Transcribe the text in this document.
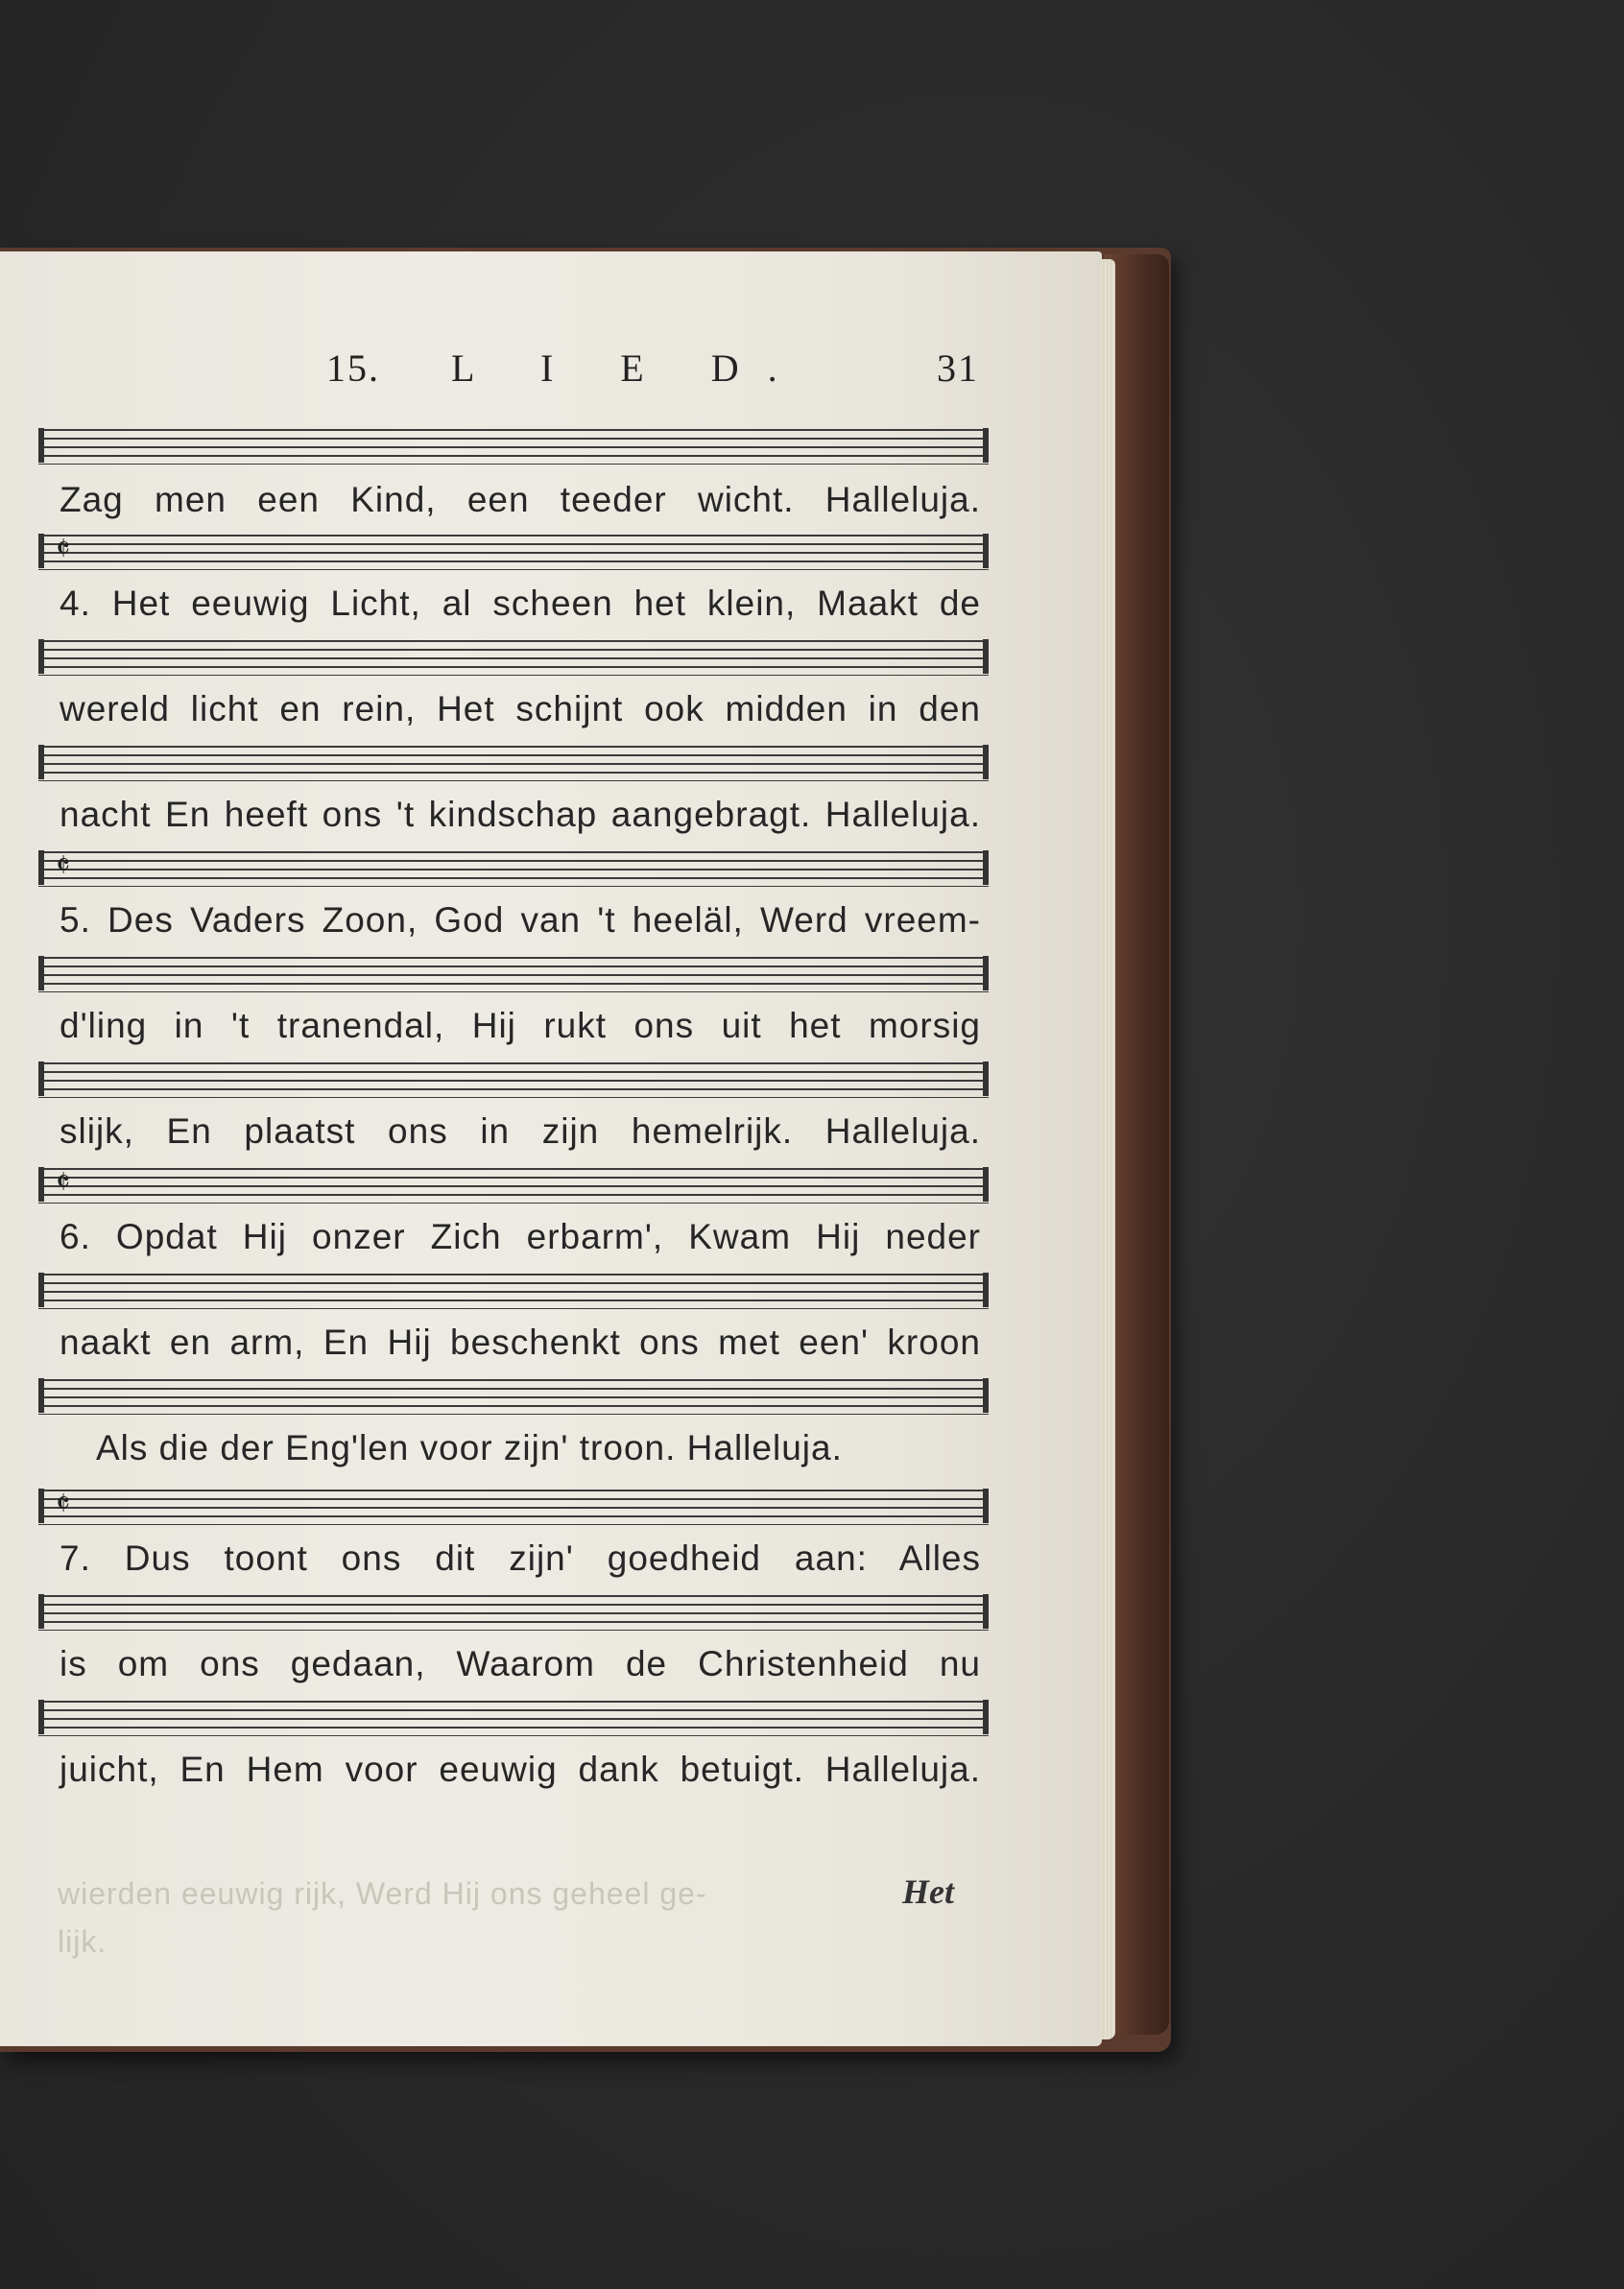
15. L I E D.	31
Zag men een Kind, een teeder wicht. Halleluja.
𝄵
4. Het eeuwig Licht, al scheen het klein, Maakt de
wereld licht en rein, Het schijnt ook midden in den
nacht En heeft ons 't kindschap aangebragt. Halleluja.
𝄵
5. Des Vaders Zoon, God van 't heeläl, Werd vreem-
d'ling in 't tranendal, Hij rukt ons uit het morsig
slijk, En plaatst ons in zijn hemelrijk. Halleluja.
𝄵
6. Opdat Hij onzer Zich erbarm', Kwam Hij neder
naakt en arm, En Hij beschenkt ons met een' kroon
Als die der Eng'len voor zijn' troon. Halleluja.
𝄵
7. Dus toont ons dit zijn' goedheid aan: Alles
is om ons gedaan, Waarom de Christenheid nu
juicht, En Hem voor eeuwig dank betuigt. Halleluja.
wierden eeuwig rijk, Werd Hij ons geheel ge-
lijk.
Het
